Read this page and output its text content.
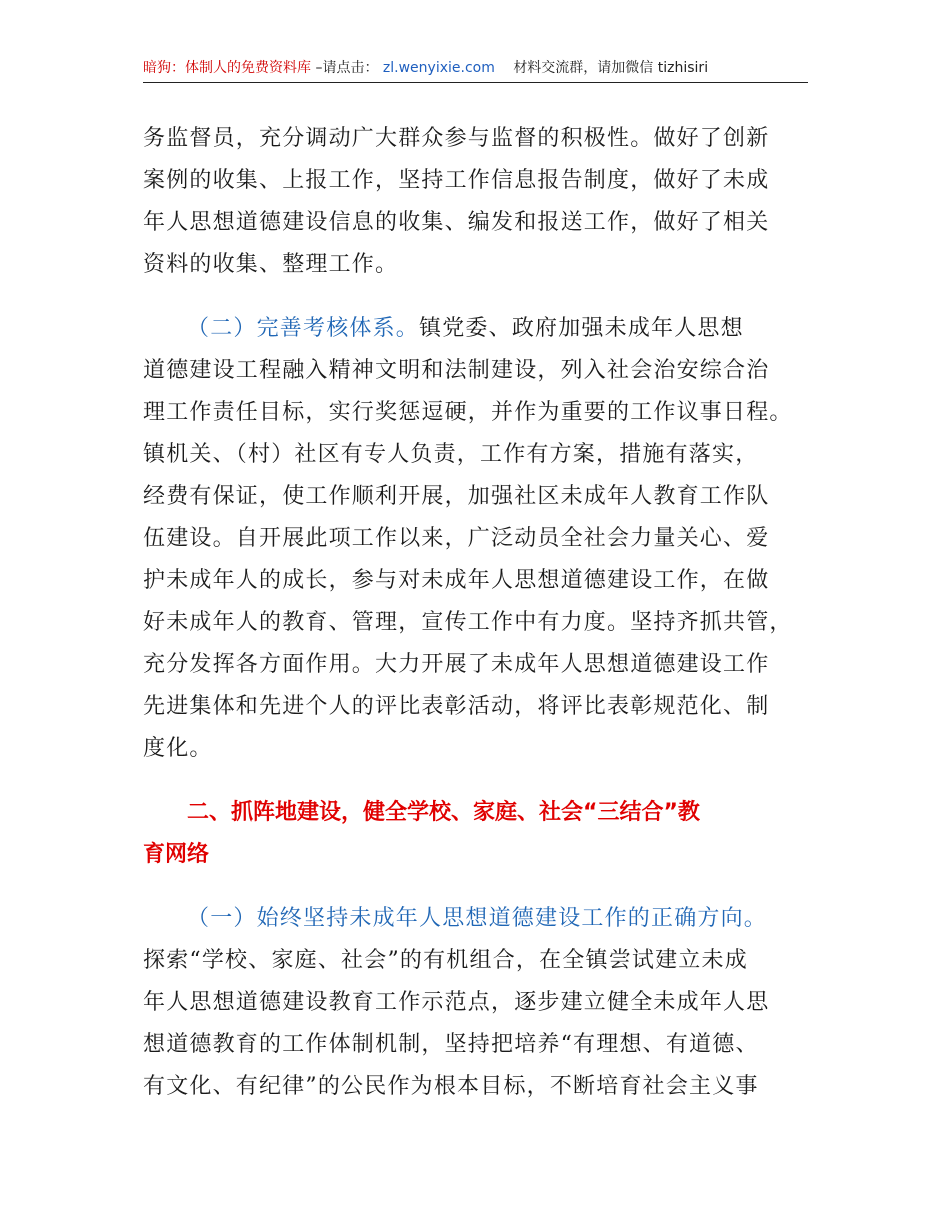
暗狗：体制人的免费资料库 –请点击： zl.wenyixie.com 材料交流群，请加微信 tizhisiri
务监督员，充分调动广大群众参与监督的积极性。做好了创新
案例的收集、上报工作，坚持工作信息报告制度，做好了未成
年人思想道德建设信息的收集、编发和报送工作，做好了相关
资料的收集、整理工作。
（二）完善考核体系。镇党委、政府加强未成年人思想
道德建设工程融入精神文明和法制建设，列入社会治安综合治
理工作责任目标，实行奖惩逗硬，并作为重要的工作议事日程。
镇机关、（村）社区有专人负责，工作有方案，措施有落实，
经费有保证，使工作顺利开展，加强社区未成年人教育工作队
伍建设。自开展此项工作以来，广泛动员全社会力量关心、爱
护未成年人的成长，参与对未成年人思想道德建设工作，在做
好未成年人的教育、管理，宣传工作中有力度。坚持齐抓共管，
充分发挥各方面作用。大力开展了未成年人思想道德建设工作
先进集体和先进个人的评比表彰活动，将评比表彰规范化、制
度化。
二、抓阵地建设，健全学校、家庭、社会“三结合”教
育网络
（一）始终坚持未成年人思想道德建设工作的正确方向。
探索“学校、家庭、社会”的有机组合，在全镇尝试建立未成
年人思想道德建设教育工作示范点，逐步建立健全未成年人思
想道德教育的工作体制机制，坚持把培养“有理想、有道德、
有文化、有纪律”的公民作为根本目标，不断培育社会主义事
